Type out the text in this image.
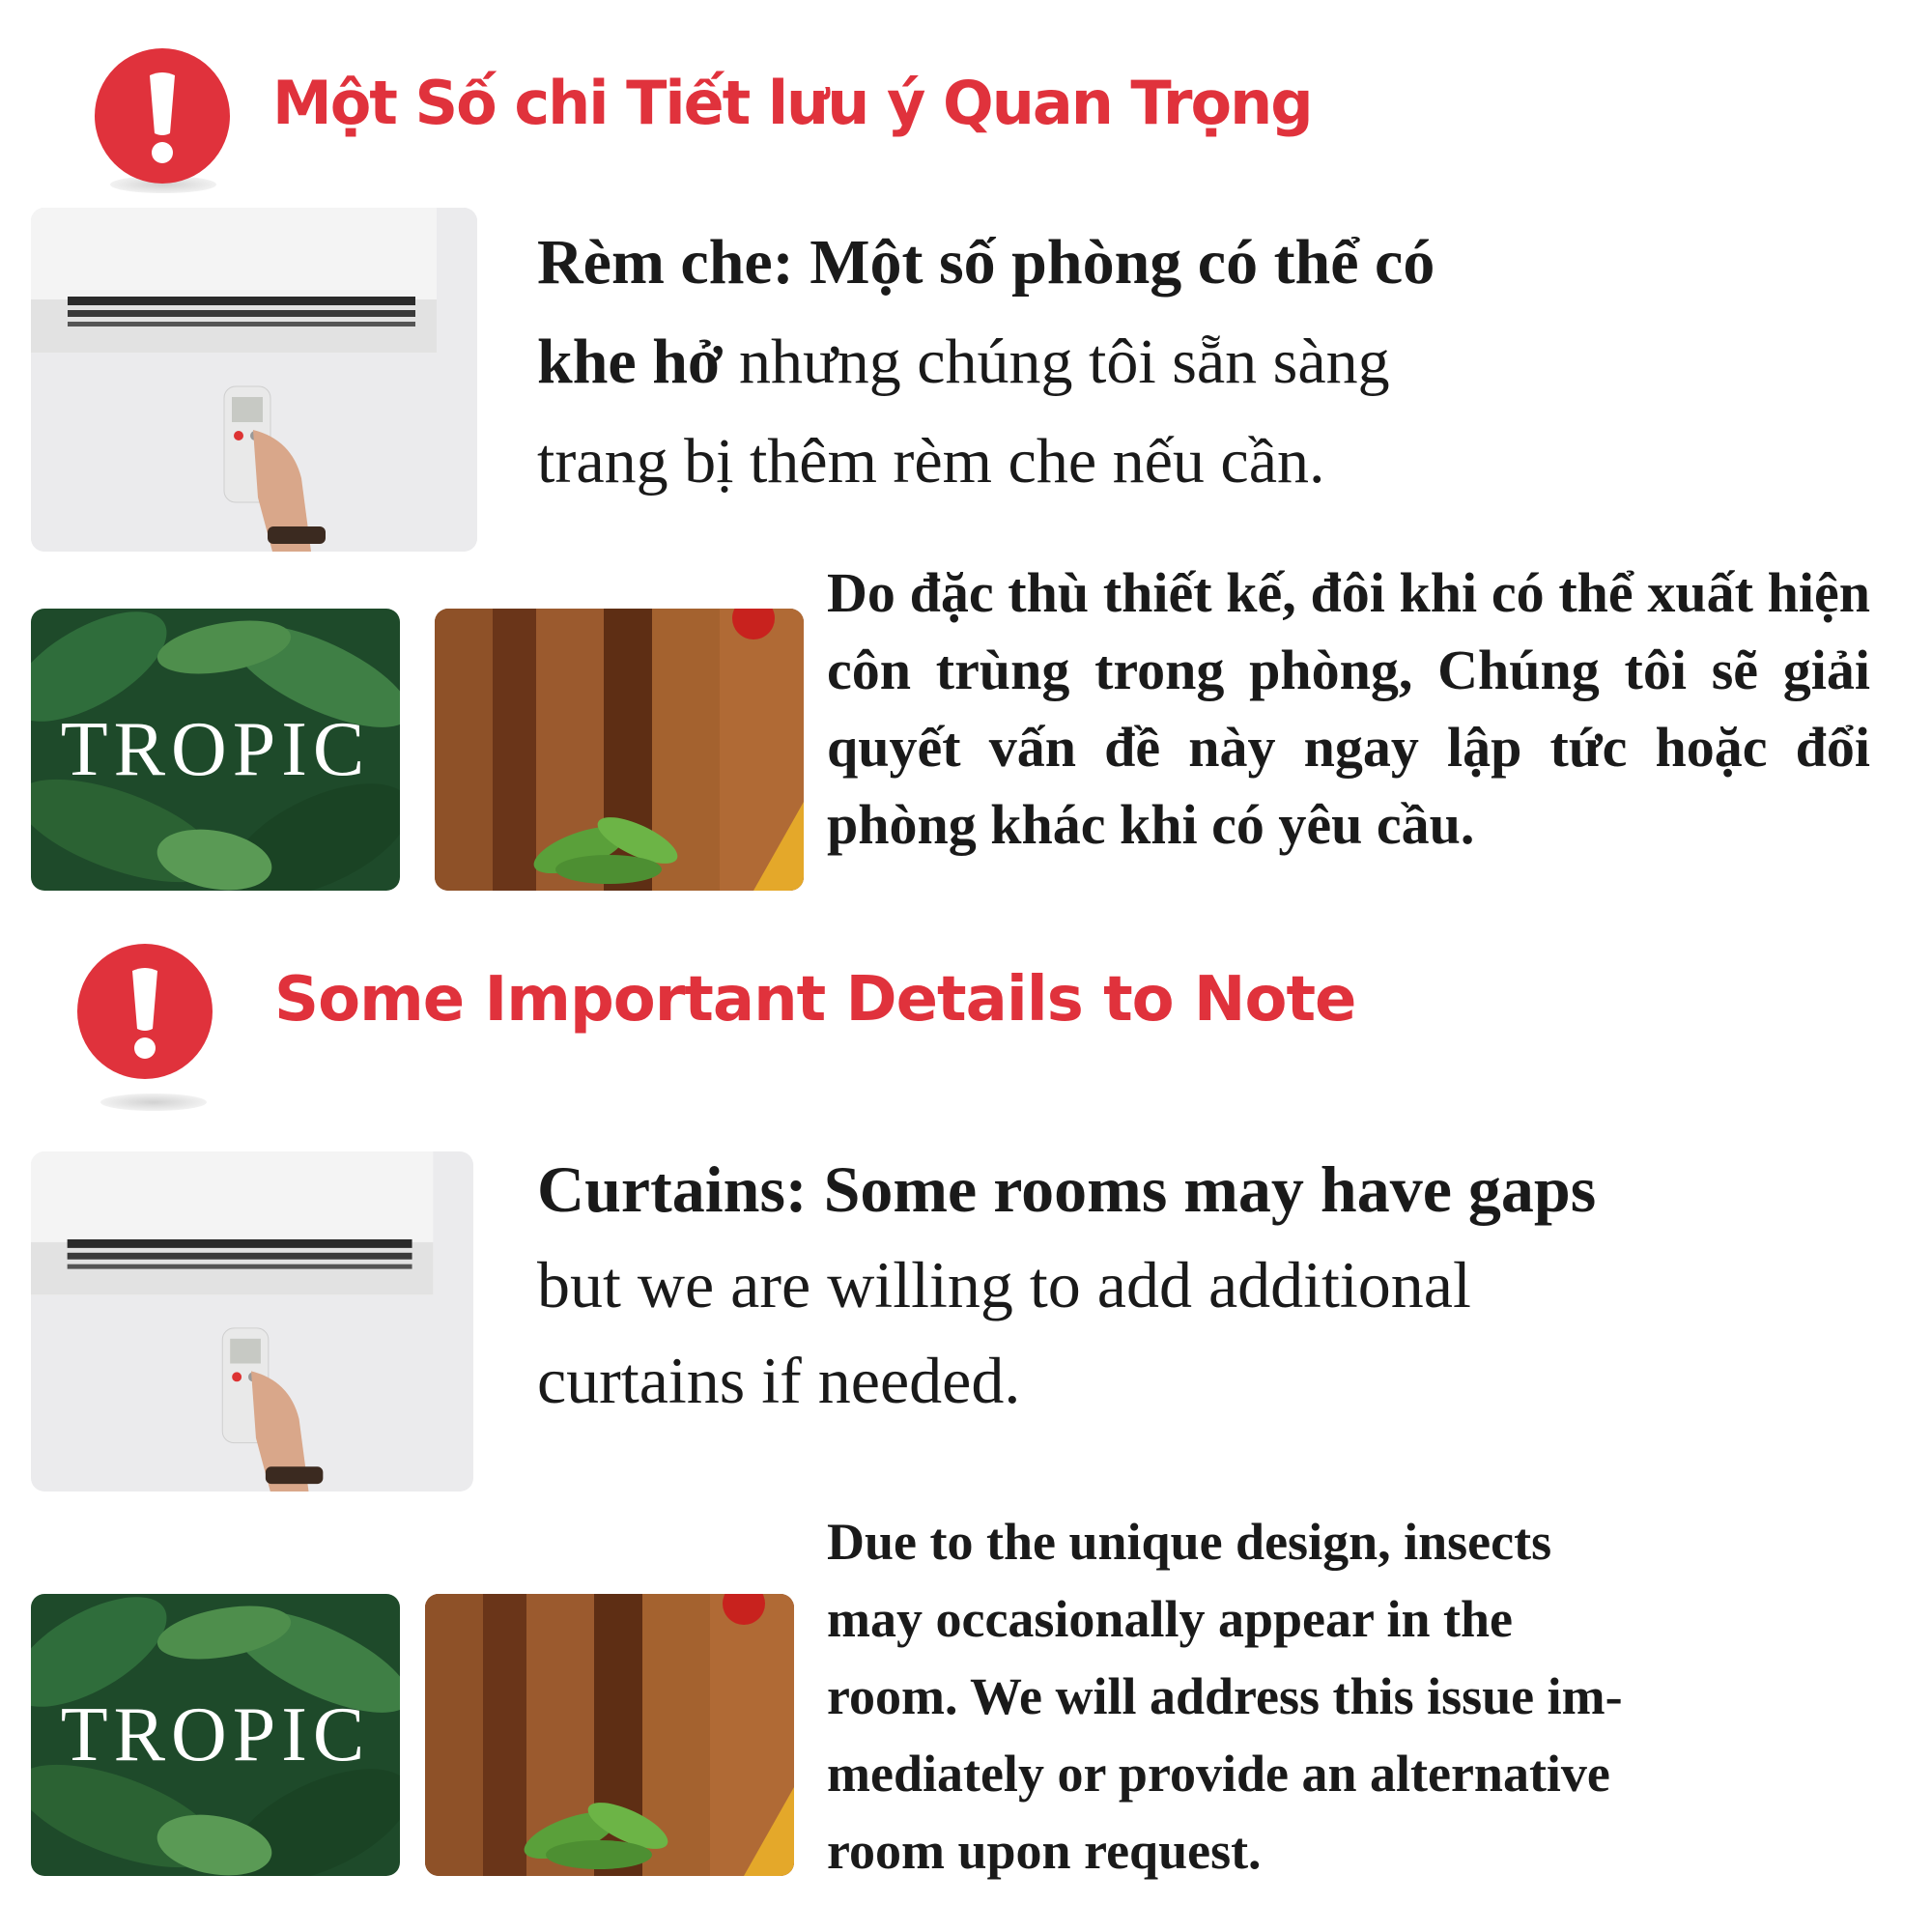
Một Số chi Tiết lưu ý Quan Trọng
Rèm che: Một số phòng có thể có
khe hở nhưng chúng tôi sẵn sàng
trang bị thêm rèm che nếu cần.
TROPIC
Do đặc thù thiết kế, đôi khi có thể xuất hiện côn trùng trong phòng, Chúng tôi sẽ giải quyết vấn đề này ngay lập tức hoặc đổi phòng khác khi có yêu cầu.
Some Important Details to Note
Curtains: Some rooms may have gaps
but we are willing to add additional
curtains if needed.
TROPIC
Due to the unique design, insects
may occasionally appear in the
room. We will address this issue im-
mediately or provide an alternative
room upon request.
